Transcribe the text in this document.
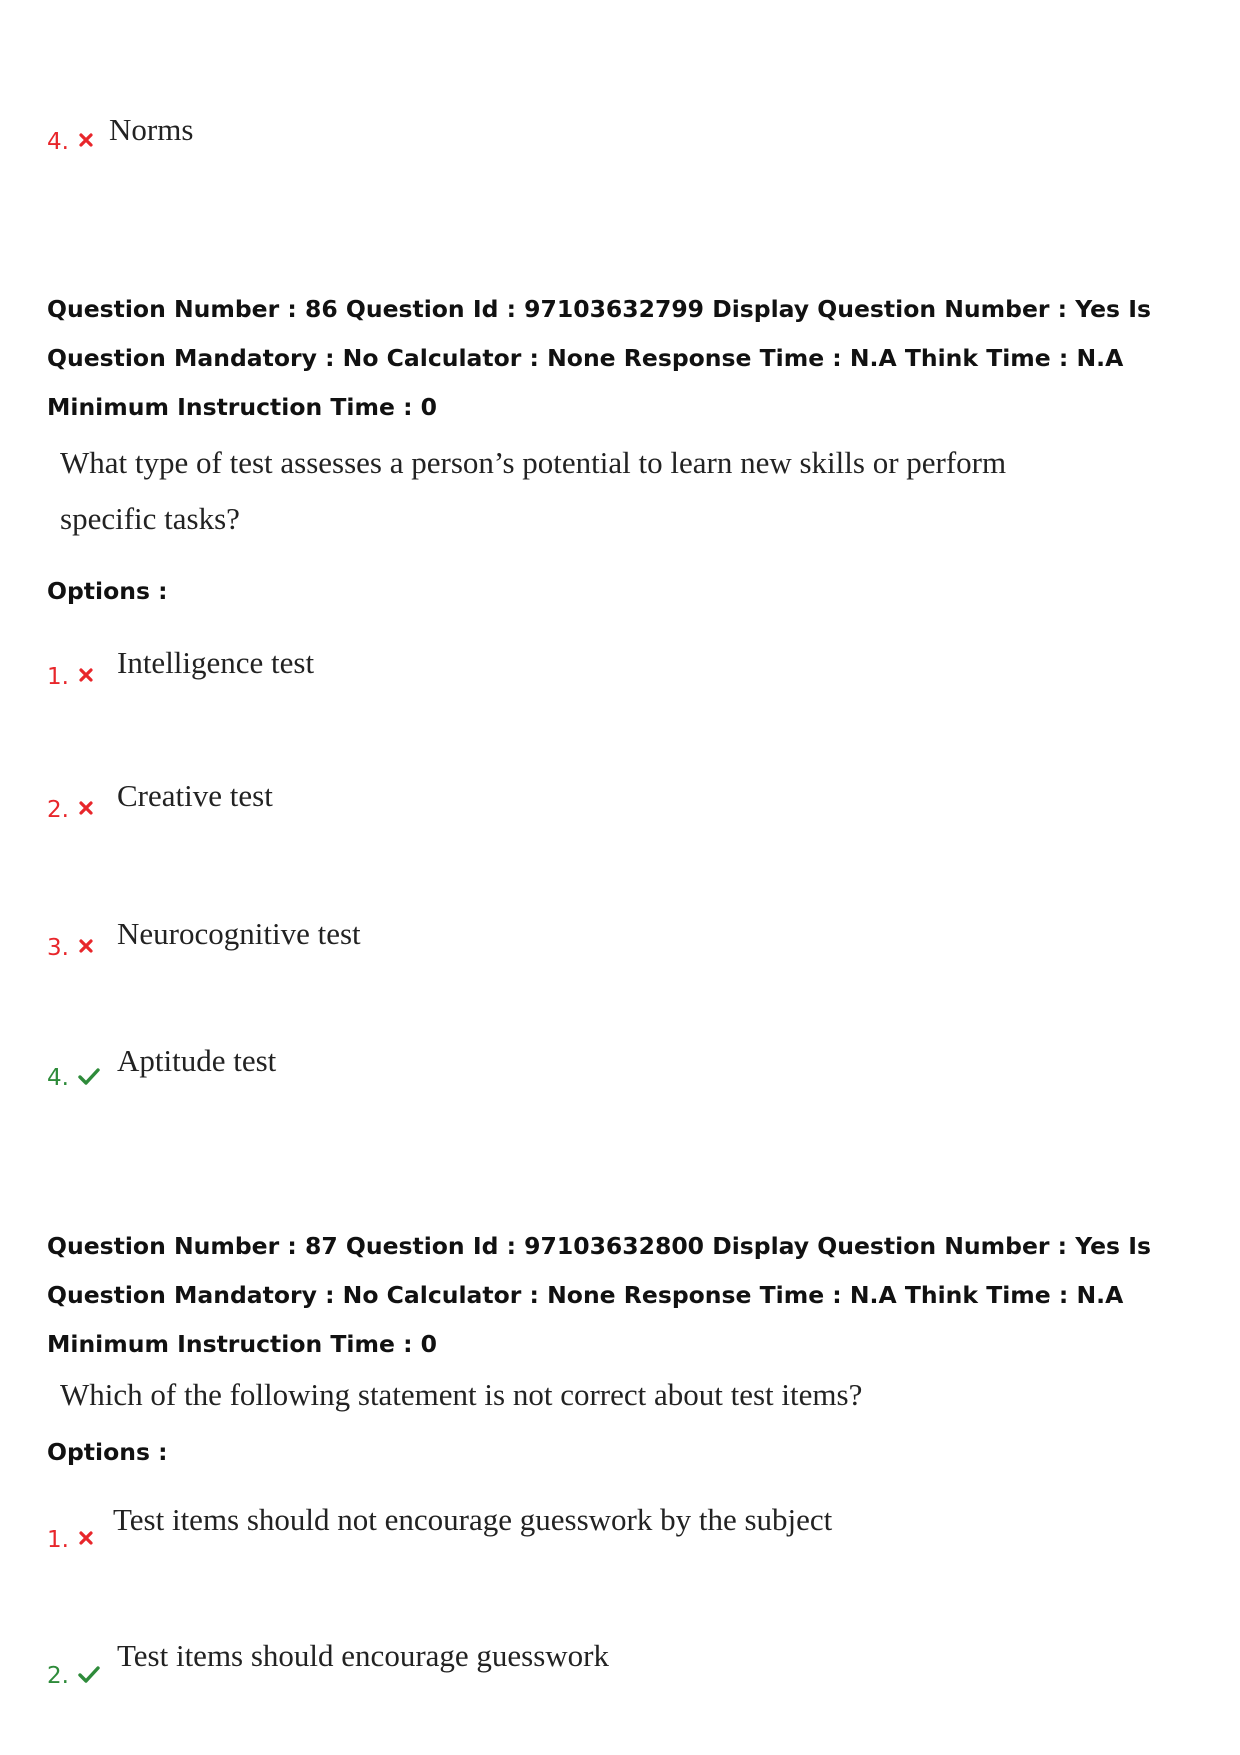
4. Norms

Question Number : 86 Question Id : 97103632799 Display Question Number : Yes Is Question Mandatory : No Calculator : None Response Time : N.A Think Time : N.A Minimum Instruction Time : 0

What type of test assesses a person’s potential to learn new skills or perform

specific tasks?

Options :
1. Intelligence test
2. Creative test
3. Neurocognitive test
4. Aptitude test

Question Number : 87 Question Id : 97103632800 Display Question Number : Yes Is Question Mandatory : No Calculator : None Response Time : N.A Think Time : N.A Minimum Instruction Time : 0

Which of the following statement is not correct about test items?

Options :
1.
Test items should not encourage guesswork by the subject
2.
Test items should encourage guesswork
